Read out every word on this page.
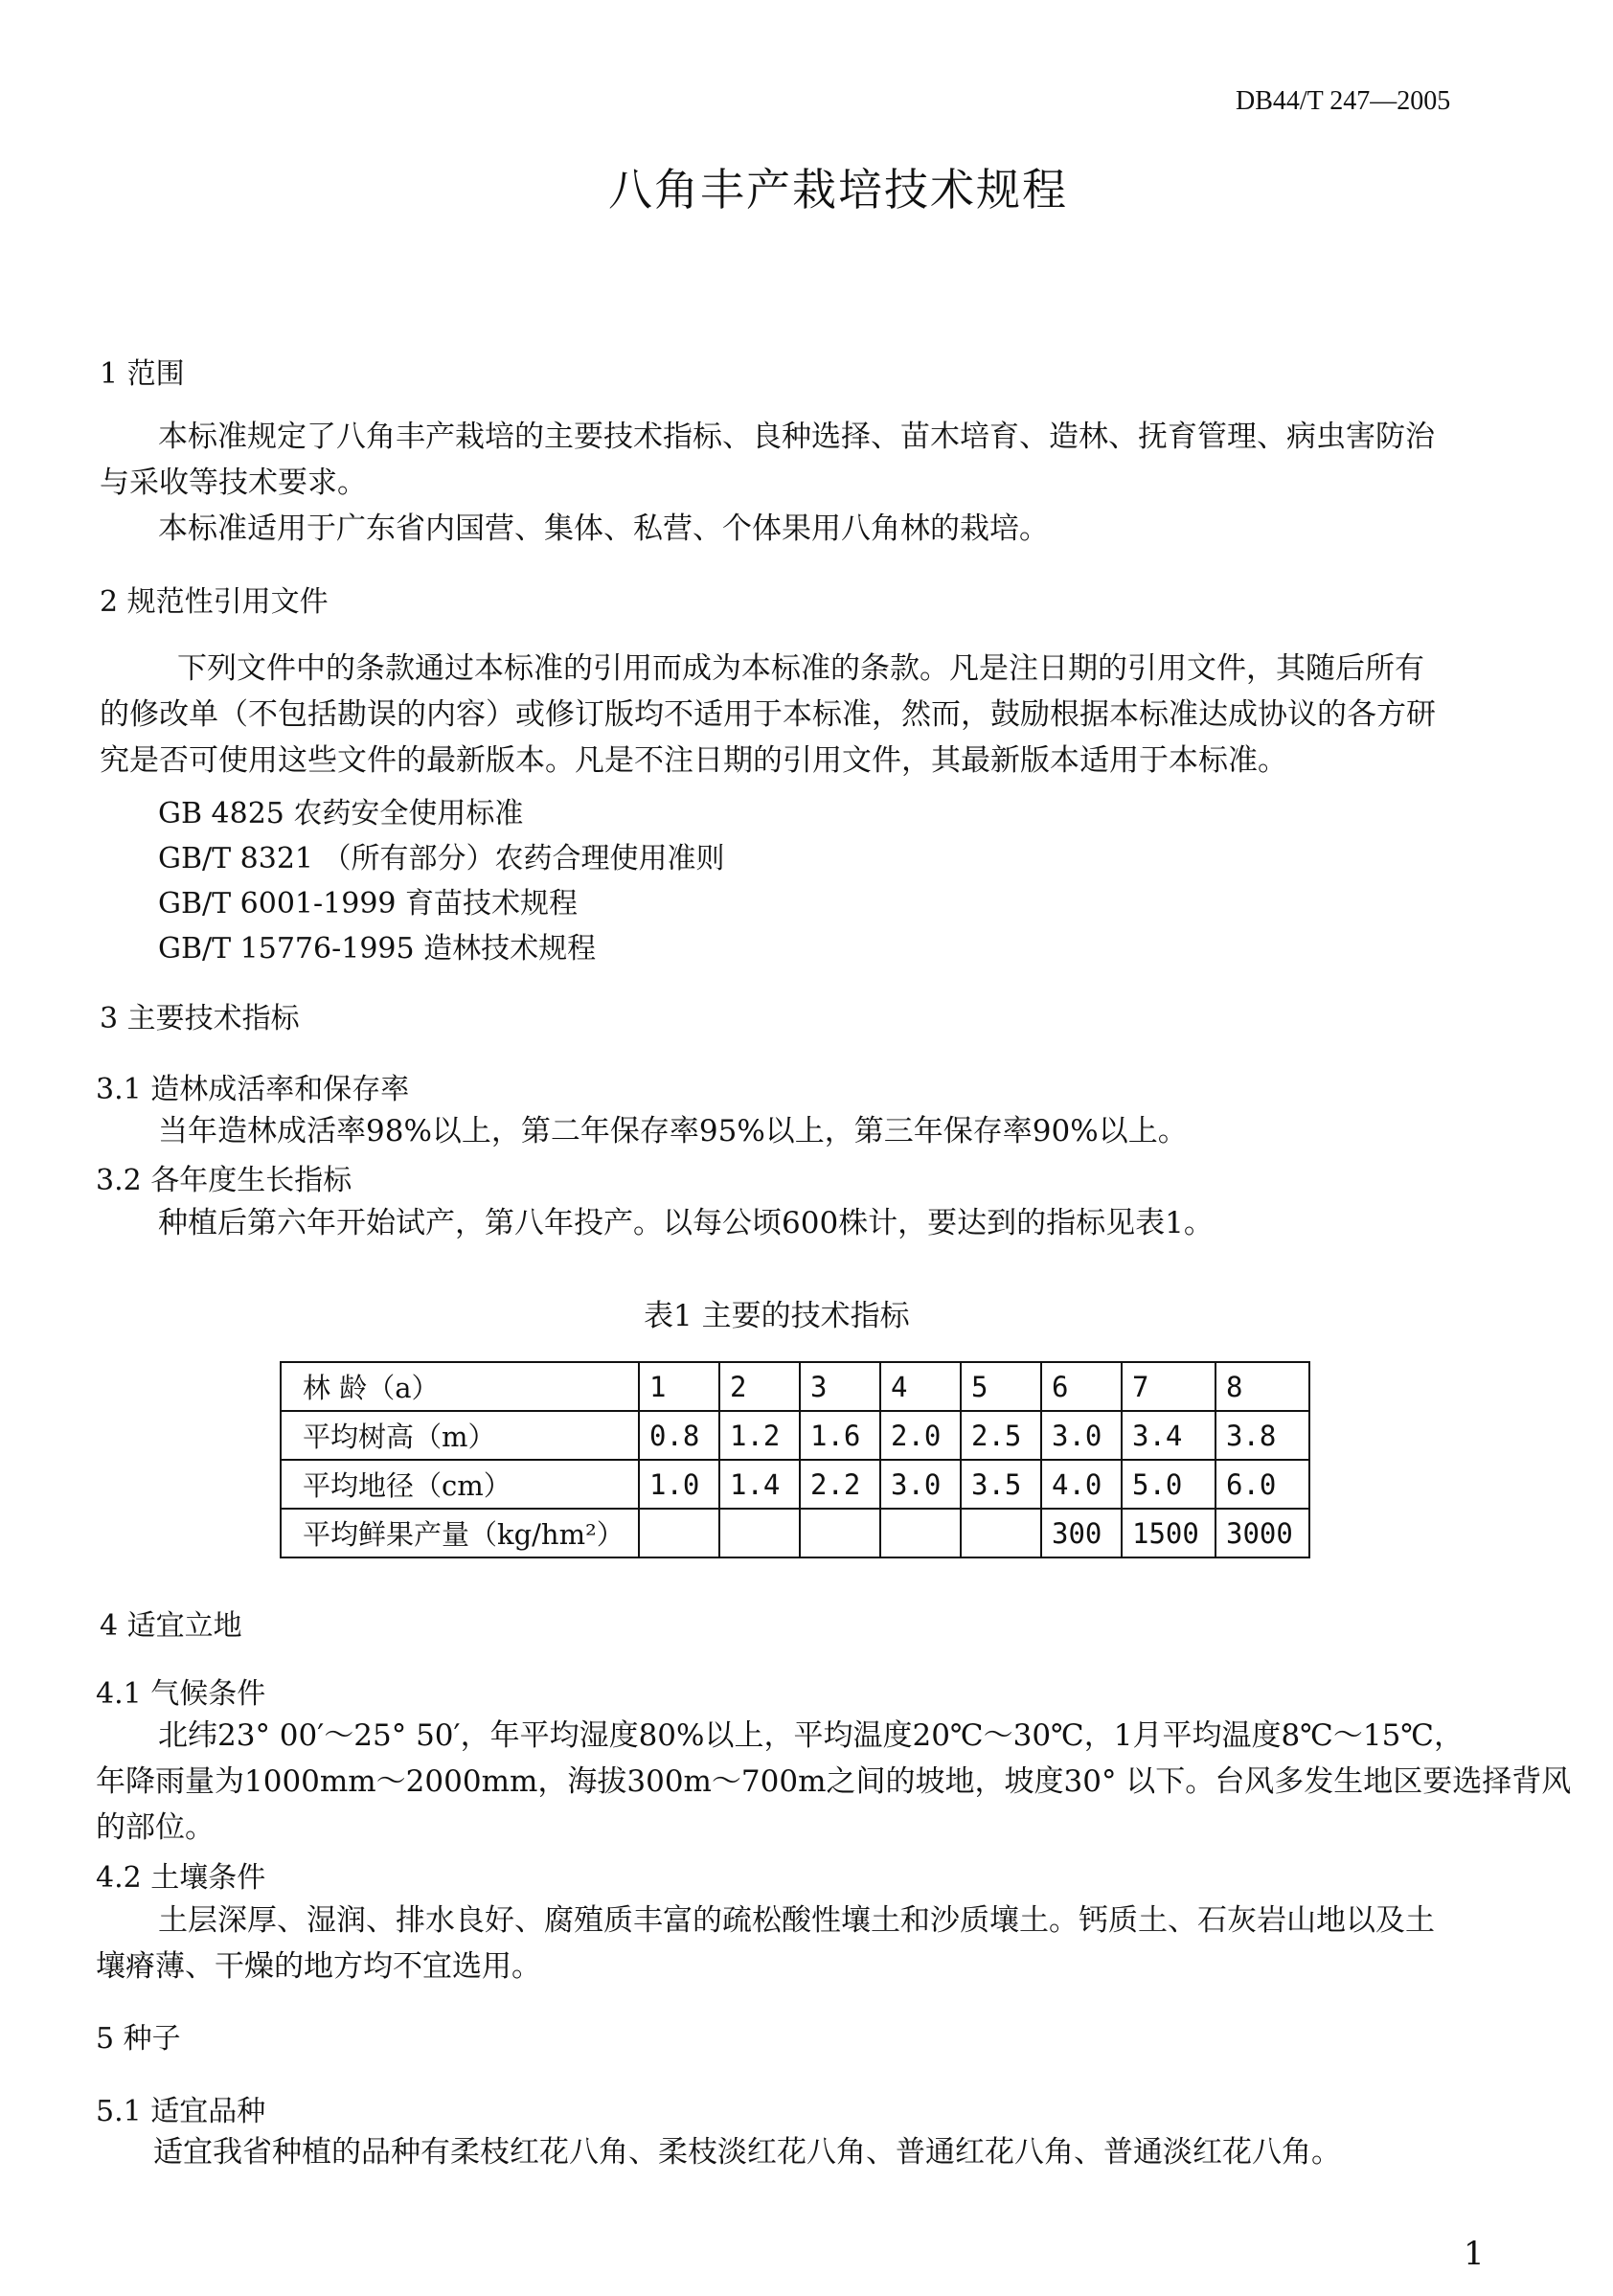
DB44/T 247—2005
八角丰产栽培技术规程
1 范围
本标准规定了八角丰产栽培的主要技术指标、良种选择、苗木培育、造林、抚育管理、病虫害防治
与采收等技术要求。
本标准适用于广东省内国营、集体、私营、个体果用八角林的栽培。
2 规范性引用文件
下列文件中的条款通过本标准的引用而成为本标准的条款。凡是注日期的引用文件，其随后所有
的修改单（不包括勘误的内容）或修订版均不适用于本标准，然而，鼓励根据本标准达成协议的各方研
究是否可使用这些文件的最新版本。凡是不注日期的引用文件，其最新版本适用于本标准。
GB 4825 农药安全使用标准
GB/T 8321 （所有部分）农药合理使用准则
GB/T 6001-1999 育苗技术规程
GB/T 15776-1995 造林技术规程
3 主要技术指标
3.1 造林成活率和保存率
当年造林成活率98%以上，第二年保存率95%以上，第三年保存率90%以上。
3.2 各年度生长指标
种植后第六年开始试产，第八年投产。以每公顷600株计，要达到的指标见表1。
表1 主要的技术指标
林 龄（a）	1	2	3	4	5	6	7	8
平均树高（m）	0.8	1.2	1.6	2.0	2.5	3.0	3.4	3.8
平均地径（cm）	1.0	1.4	2.2	3.0	3.5	4.0	5.0	6.0
平均鲜果产量（kg/hm²）						300	1500	3000
4 适宜立地
4.1 气候条件
北纬23° 00′～25° 50′，年平均湿度80%以上，平均温度20℃～30℃，1月平均温度8℃～15℃，
年降雨量为1000mm～2000mm，海拔300m～700m之间的坡地，坡度30° 以下。台风多发生地区要选择背风
的部位。
4.2 土壤条件
土层深厚、湿润、排水良好、腐殖质丰富的疏松酸性壤土和沙质壤土。钙质土、石灰岩山地以及土
壤瘠薄、干燥的地方均不宜选用。
5 种子
5.1 适宜品种
适宜我省种植的品种有柔枝红花八角、柔枝淡红花八角、普通红花八角、普通淡红花八角。
1
